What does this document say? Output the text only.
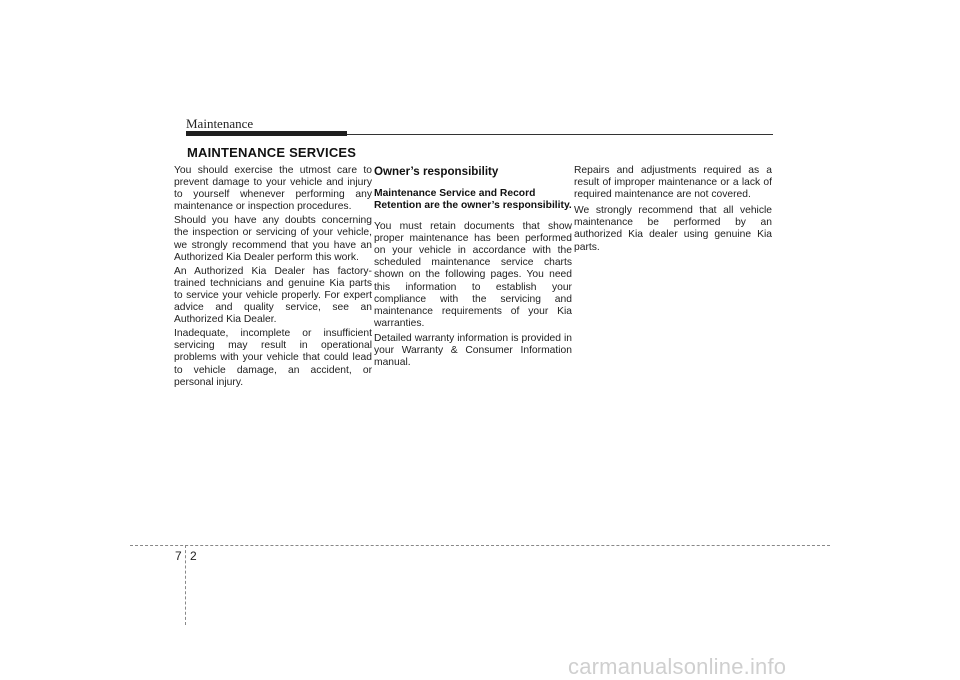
Maintenance
MAINTENANCE SERVICES

You should exercise the utmost care to prevent damage to your vehicle and injury to yourself whenever performing any maintenance or inspection procedures.

Should you have any doubts concerning the inspection or servicing of your vehicle, we strongly recommend that you have an Authorized Kia Dealer perform this work.

An Authorized Kia Dealer has factory-trained technicians and genuine Kia parts to service your vehicle properly. For expert advice and quality service, see an Authorized Kia Dealer.

Inadequate, incomplete or insufficient servicing may result in operational problems with your vehicle that could lead to vehicle damage, an accident, or personal injury.

Owner’s responsibility
Maintenance Service and Record Retention are the owner’s responsibility.

You must retain documents that show proper maintenance has been performed on your vehicle in accordance with the scheduled maintenance service charts shown on the following pages. You need this information to establish your compliance with the servicing and maintenance requirements of your Kia warranties.

Detailed warranty information is provided in your Warranty & Consumer Information manual.

Repairs and adjustments required as a result of improper maintenance or a lack of required maintenance are not covered.

We strongly recommend that all vehicle maintenance be performed by an authorized Kia dealer using genuine Kia parts.

7 2
carmanualsonline.info
